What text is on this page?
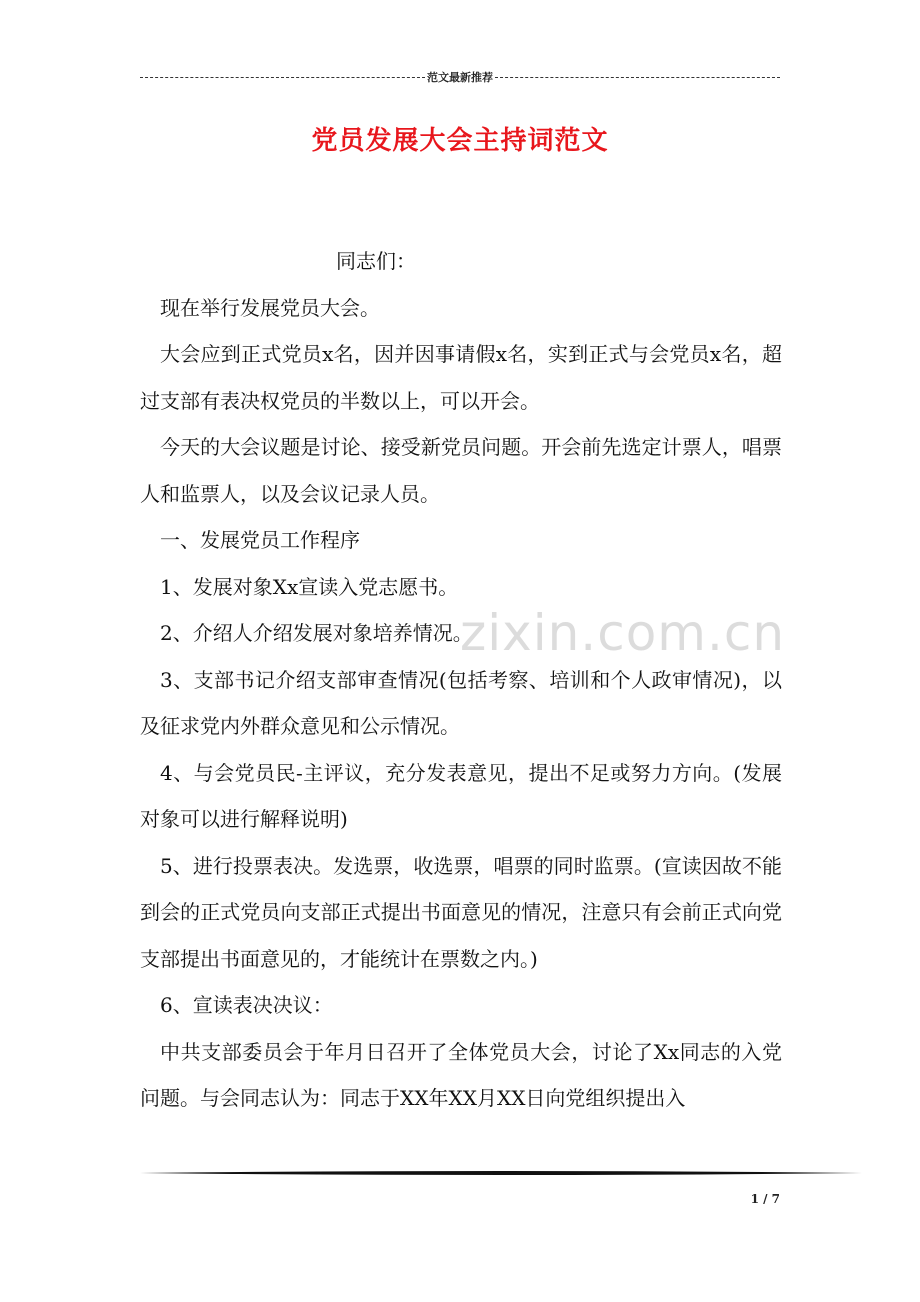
范文最新推荐
党员发展大会主持词范文

同志们：

现在举行发展党员大会。

大会应到正式党员x名，因并因事请假x名，实到正式与会党员x名，超过支部有表决权党员的半数以上，可以开会。

今天的大会议题是讨论、接受新党员问题。开会前先选定计票人，唱票人和监票人，以及会议记录人员。

一、发展党员工作程序

1、发展对象Xx宣读入党志愿书。

2、介绍人介绍发展对象培养情况。

3、支部书记介绍支部审查情况(包括考察、培训和个人政审情况)，以及征求党内外群众意见和公示情况。

4、与会党员民-主评议，充分发表意见，提出不足或努力方向。(发展对象可以进行解释说明)

5、进行投票表决。发选票，收选票，唱票的同时监票。(宣读因故不能到会的正式党员向支部正式提出书面意见的情况，注意只有会前正式向党支部提出书面意见的，才能统计在票数之内。)

6、宣读表决决议：

中共支部委员会于年月日召开了全体党员大会，讨论了Xx同志的入党问题。与会同志认为：同志于XX年XX月XX日向党组织提出入

zixin.com.cn
1 / 7
